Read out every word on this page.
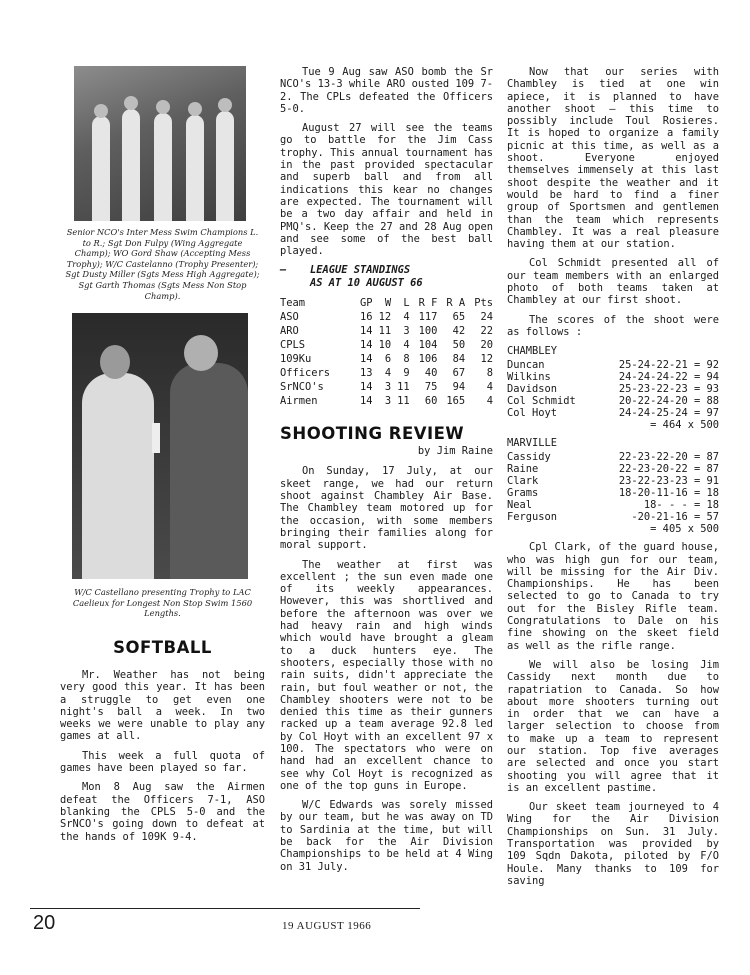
Senior NCO's Inter Mess Swim Champions L. to R.; Sgt Don Fulpy (Wing Aggregate Champ); WO Gord Shaw (Accepting Mess Trophy); W/C Castelanno (Trophy Presenter); Sgt Dusty Miller (Sgts Mess High Aggregate); Sgt Garth Thomas (Sgts Mess Non Stop Champ).

W/C Castellano presenting Trophy to LAC Caelieux for Longest Non Stop Swim 1560 Lengths.

SOFTBALL

Mr. Weather has not being very good this year. It has been a struggle to get even one night's ball a week. In two weeks we were unable to play any games at all.

This week a full quota of games have been played so far.

Mon 8 Aug saw the Airmen defeat the Officers 7-1, ASO blanking the CPLS 5-0 and the SrNCO's going down to defeat at the hands of 109K 9-4.

Tue 9 Aug saw ASO bomb the Sr NCO's 13-3 while ARO ousted 109 7-2. The CPLs defeated the Officers 5-0.

August 27 will see the teams go to battle for the Jim Cass trophy. This annual tournament has in the past provided spectacular and superb ball and from all indications this kear no changes are expected. The tournament will be a two day affair and held in PMQ's. Keep the 27 and 28 Aug open and see some of the best ball played.

— LEAGUE STANDINGS
AS AT 10 AUGUST 66
Team	GP	W	L	R F	R A	Pts
ASO	16	12	4	117	65	24
ARO	14	11	3	100	42	22
CPLS	14	10	4	104	50	20
109Ku	14	6	8	106	84	12
Officers	13	4	9	40	67	8
SrNCO's	14	3	11	75	94	4
Airmen	14	3	11	60	165	4
SHOOTING REVIEW
by Jim Raine

On Sunday, 17 July, at our skeet range, we had our return shoot against Chambley Air Base. The Chambley team motored up for the occasion, with some members bringing their families along for moral support.

The weather at first was excellent ; the sun even made one of its weekly appearances. However, this was shortlived and before the afternoon was over we had heavy rain and high winds which would have brought a gleam to a duck hunters eye. The shooters, especially those with no rain suits, didn't appreciate the rain, but foul weather or not, the Chambley shooters were not to be denied this time as their gunners racked up a team average 92.8 led by Col Hoyt with an excellent 97 x 100. The spectators who were on hand had an excellent chance to see why Col Hoyt is recognized as one of the top guns in Europe.

W/C Edwards was sorely missed by our team, but he was away on TD to Sardinia at the time, but will be back for the Air Division Championships to be held at 4 Wing on 31 July.

Now that our series with Chambley is tied at one win apiece, it is planned to have another shoot — this time to possibly include Toul Rosieres. It is hoped to organize a family picnic at this time, as well as a shoot. Everyone enjoyed themselves immensely at this last shoot despite the weather and it would be hard to find a finer group of Sportsmen and gentlemen than the team which represents Chambley. It was a real pleasure having them at our station.

Col Schmidt presented all of our team members with an enlarged photo of both teams taken at Chambley at our first shoot.

The scores of the shoot were as follows :

CHAMBLEY
Duncan	25-24-22-21 = 92
Wilkins	24-24-24-22 = 94
Davidson	25-23-22-23 = 93
Col Schmidt	20-22-24-20 = 88
Col Hoyt	24-24-25-24 = 97
= 464 x 500
MARVILLE
Cassidy	22-23-22-20 = 87
Raine	22-23-20-22 = 87
Clark	23-22-23-23 = 91
Grams	18-20-11-16 = 18
Neal	18- - - = 18
Ferguson	-20-21-16 = 57
= 405 x 500

Cpl Clark, of the guard house, who was high gun for our team, will be missing for the Air Div. Championships. He has been selected to go to Canada to try out for the Bisley Rifle team. Congratulations to Dale on his fine showing on the skeet field as well as the rifle range.

We will also be losing Jim Cassidy next month due to rapatriation to Canada. So how about more shooters turning out in order that we can have a larger selection to choose from to make up a team to represent our station. Top five averages are selected and once you start shooting you will agree that it is an excellent pastime.

Our skeet team journeyed to 4 Wing for the Air Division Championships on Sun. 31 July. Transportation was provided by 109 Sqdn Dakota, piloted by F/O Houle. Many thanks to 109 for saving

20	19 AUGUST 1966
